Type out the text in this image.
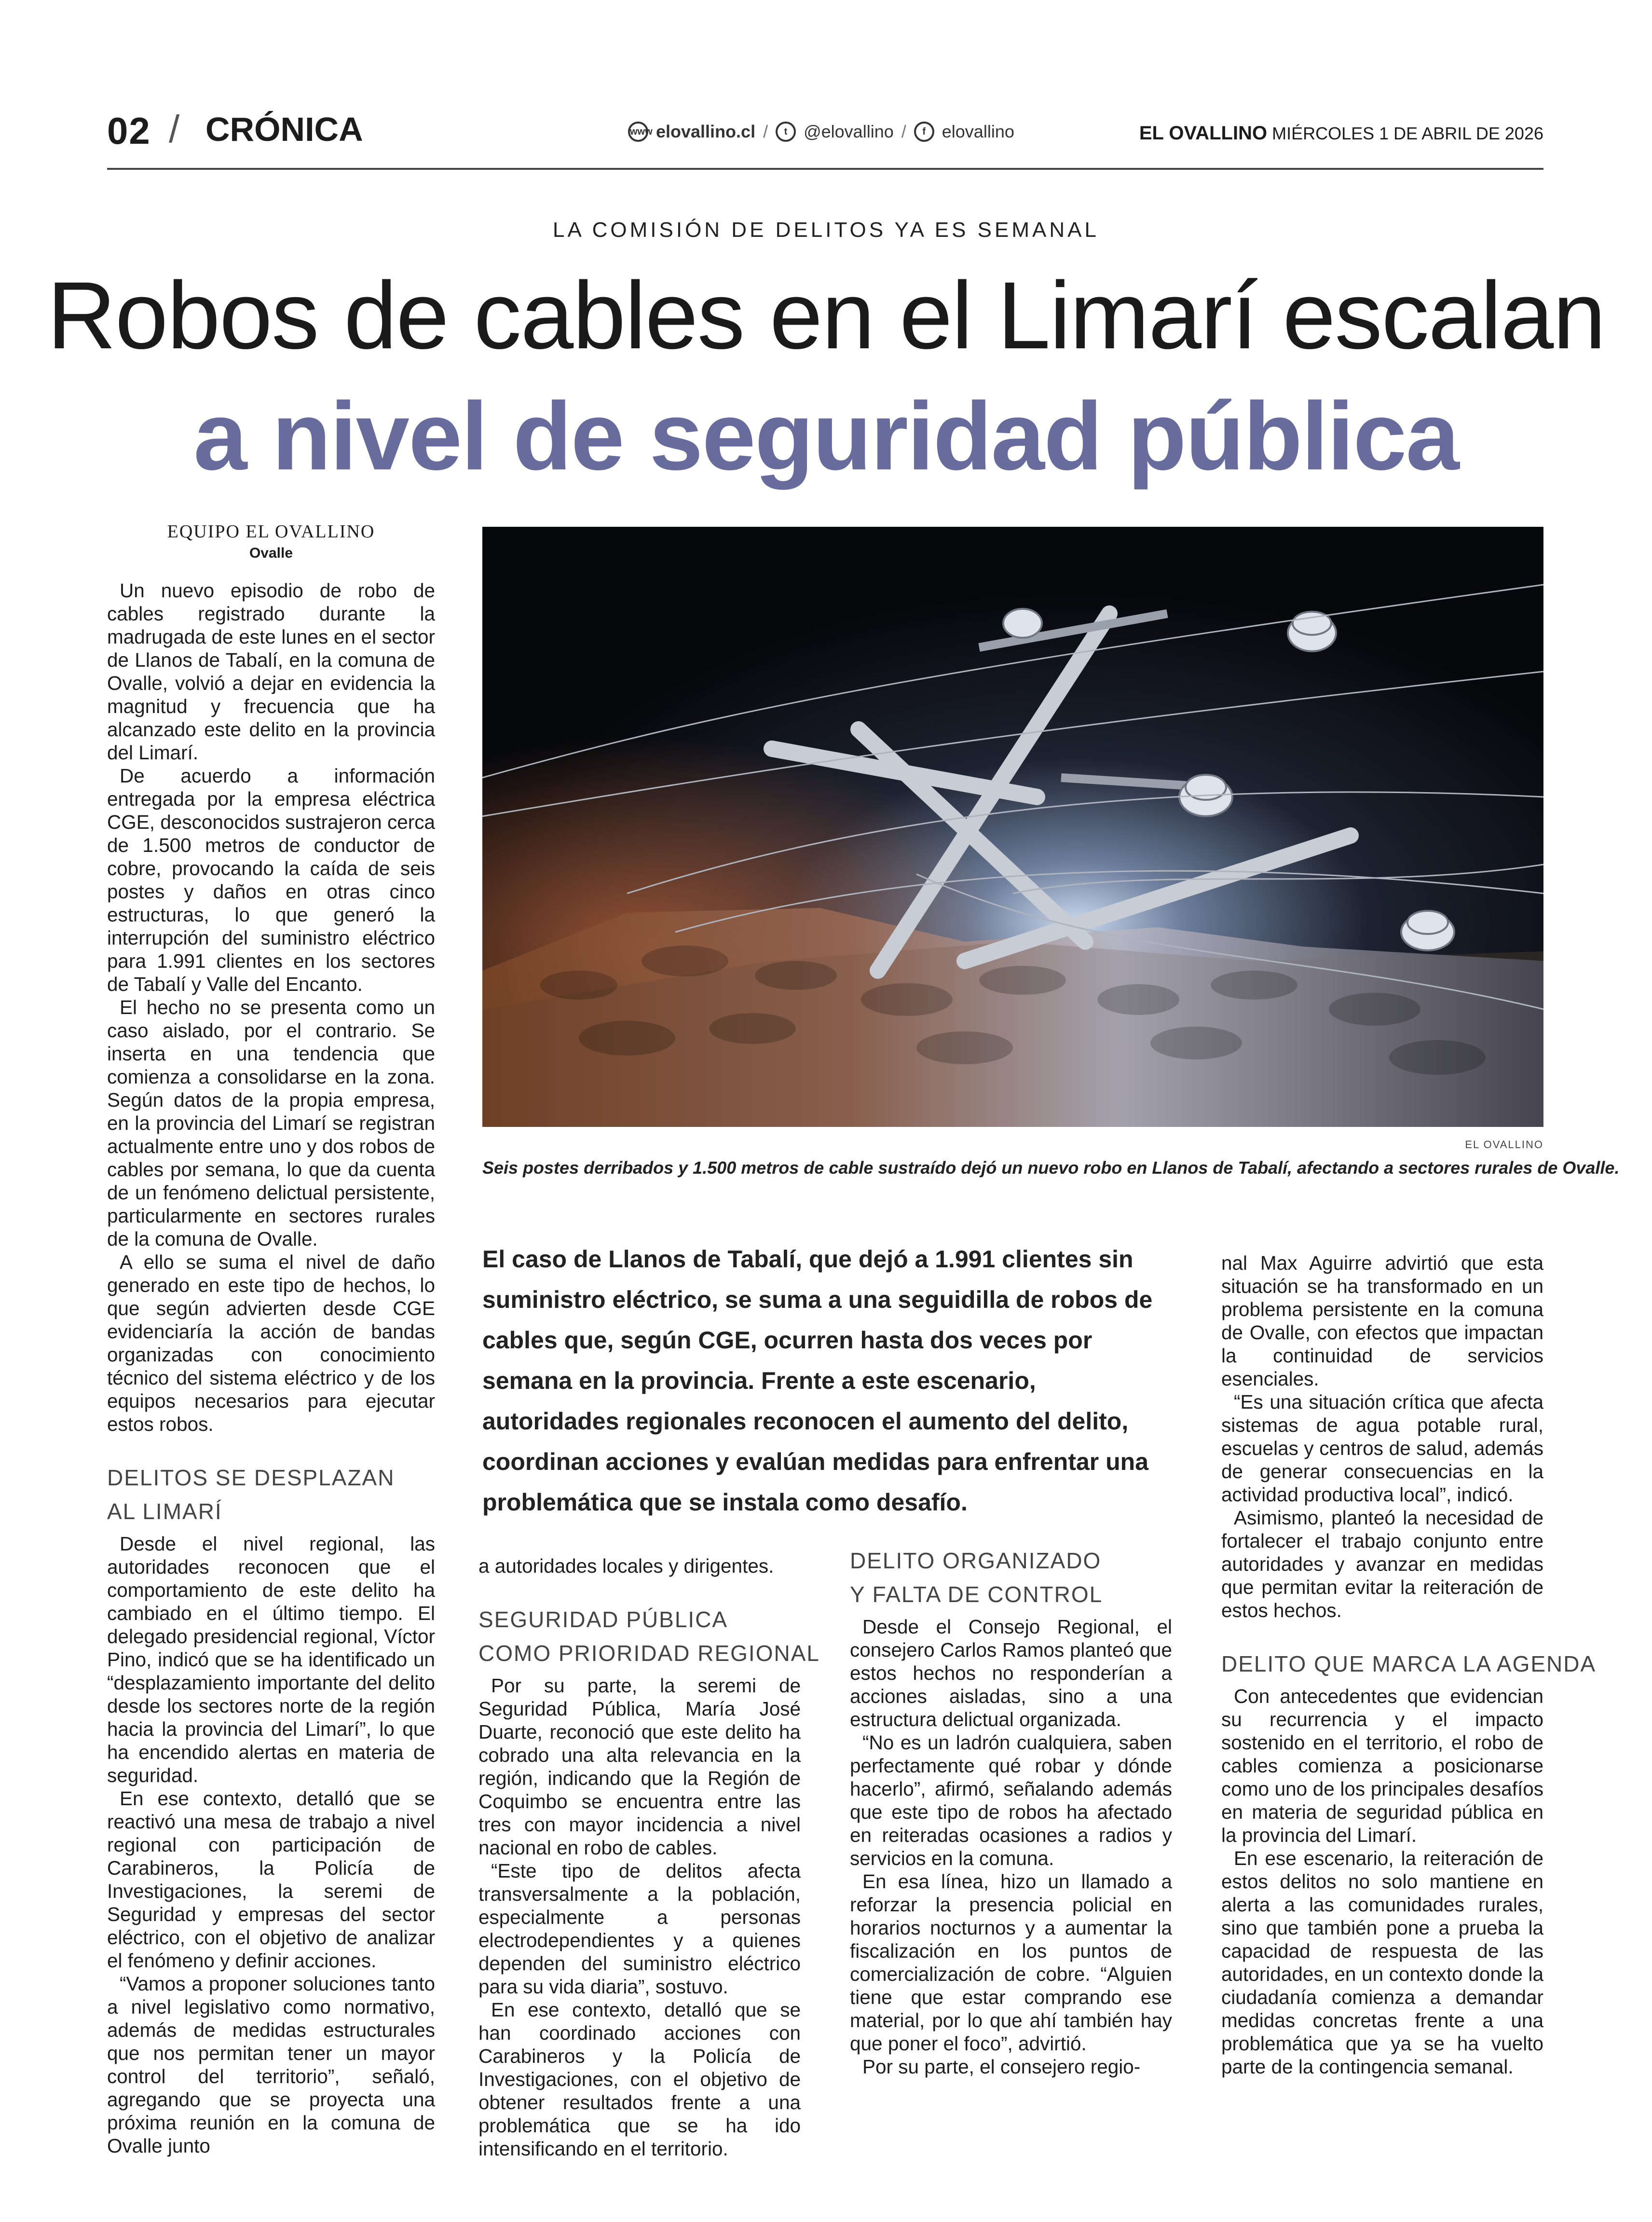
02 / CRÓNICA	www elovallino.cl /	t @elovallino /	f elovallino	EL OVALLINO MIÉRCOLES 1 DE ABRIL DE 2026
LA COMISIÓN DE DELITOS YA ES SEMANAL
Robos de cables en el Limarí escalan
a nivel de seguridad pública
EQUIPO EL OVALLINO
Ovalle

Un nuevo episodio de robo de cables registrado durante la madrugada de este lunes en el sector de Llanos de Tabalí, en la comuna de Ovalle, volvió a dejar en evidencia la magnitud y frecuencia que ha alcanzado este delito en la provincia del Limarí.

De acuerdo a información entregada por la empresa eléctrica CGE, desconocidos sustrajeron cerca de 1.500 metros de conductor de cobre, provocando la caída de seis postes y daños en otras cinco estructuras, lo que generó la interrupción del suministro eléctrico para 1.991 clientes en los sectores de Tabalí y Valle del Encanto.

El hecho no se presenta como un caso aislado, por el contrario. Se inserta en una tendencia que comienza a consolidarse en la zona. Según datos de la propia empresa, en la provincia del Limarí se registran actualmente entre uno y dos robos de cables por semana, lo que da cuenta de un fenómeno delictual persistente, particularmente en sectores rurales de la comuna de Ovalle.

A ello se suma el nivel de daño generado en este tipo de hechos, lo que según advierten desde CGE evidenciaría la acción de bandas organizadas con conocimiento técnico del sistema eléctrico y de los equipos necesarios para ejecutar estos robos.

DELITOS SE DESPLAZAN
AL LIMARÍ

Desde el nivel regional, las autoridades reconocen que el comportamiento de este delito ha cambiado en el último tiempo. El delegado presidencial regional, Víctor Pino, indicó que se ha identificado un “desplazamiento importante del delito desde los sectores norte de la región hacia la provincia del Limarí”, lo que ha encendido alertas en materia de seguridad.

En ese contexto, detalló que se reactivó una mesa de trabajo a nivel regional con participación de Carabineros, la Policía de Investigaciones, la seremi de Seguridad y empresas del sector eléctrico, con el objetivo de analizar el fenómeno y definir acciones.

“Vamos a proponer soluciones tanto a nivel legislativo como normativo, además de medidas estructurales que nos permitan tener un mayor control del territorio”, señaló, agregando que se proyecta una próxima reunión en la comuna de Ovalle junto

EL OVALLINO
Seis postes derribados y 1.500 metros de cable sustraído dejó un nuevo robo en Llanos de Tabalí, afectando a sectores rurales de Ovalle.
El caso de Llanos de Tabalí, que dejó a 1.991 clientes sin suministro eléctrico, se suma a una seguidilla de robos de cables que, según CGE, ocurren hasta dos veces por semana en la provincia. Frente a este escenario, autoridades regionales reconocen el aumento del delito, coordinan acciones y evalúan medidas para enfrentar una problemática que se instala como desafío.

a autoridades locales y dirigentes.

SEGURIDAD PÚBLICA
COMO PRIORIDAD REGIONAL

Por su parte, la seremi de Seguridad Pública, María José Duarte, reconoció que este delito ha cobrado una alta relevancia en la región, indicando que la Región de Coquimbo se encuentra entre las tres con mayor incidencia a nivel nacional en robo de cables.

“Este tipo de delitos afecta transversalmente a la población, especialmente a personas electrodependientes y a quienes dependen del suministro eléctrico para su vida diaria”, sostuvo.

En ese contexto, detalló que se han coordinado acciones con Carabineros y la Policía de Investigaciones, con el objetivo de obtener resultados frente a una problemática que se ha ido intensificando en el territorio.

DELITO ORGANIZADO
Y FALTA DE CONTROL

Desde el Consejo Regional, el consejero Carlos Ramos planteó que estos hechos no responderían a acciones aisladas, sino a una estructura delictual organizada.

“No es un ladrón cualquiera, saben perfectamente qué robar y dónde hacerlo”, afirmó, señalando además que este tipo de robos ha afectado en reiteradas ocasiones a radios y servicios en la comuna.

En esa línea, hizo un llamado a reforzar la presencia policial en horarios nocturnos y a aumentar la fiscalización en los puntos de comercialización de cobre. “Alguien tiene que estar comprando ese material, por lo que ahí también hay que poner el foco”, advirtió.

Por su parte, el consejero regio-

nal Max Aguirre advirtió que esta situación se ha transformado en un problema persistente en la comuna de Ovalle, con efectos que impactan la continuidad de servicios esenciales.

“Es una situación crítica que afecta sistemas de agua potable rural, escuelas y centros de salud, además de generar consecuencias en la actividad productiva local”, indicó.

Asimismo, planteó la necesidad de fortalecer el trabajo conjunto entre autoridades y avanzar en medidas que permitan evitar la reiteración de estos hechos.

DELITO QUE MARCA LA AGENDA

Con antecedentes que evidencian su recurrencia y el impacto sostenido en el territorio, el robo de cables comienza a posicionarse como uno de los principales desafíos en materia de seguridad pública en la provincia del Limarí.

En ese escenario, la reiteración de estos delitos no solo mantiene en alerta a las comunidades rurales, sino que también pone a prueba la capacidad de respuesta de las autoridades, en un contexto donde la ciudadanía comienza a demandar medidas concretas frente a una problemática que ya se ha vuelto parte de la contingencia semanal.
